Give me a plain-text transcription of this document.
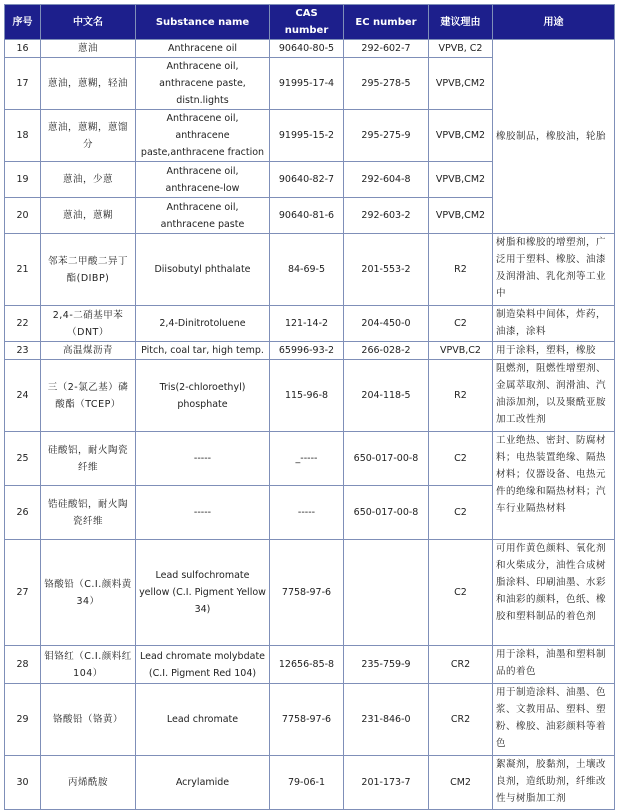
序号	中文名	Substance name	CAS number	EC number	建议理由	用途
16	蒽油	Anthracene oil	90640-80-5	292-602-7	VPVB, C2	橡胶制品，橡胶油，轮胎
17	蒽油，蒽糊，轻油	Anthracene oil, anthracene paste, distn.lights	91995-17-4	295-278-5	VPVB,CM2	
18	蒽油，蒽糊，蒽馏分	Anthracene oil, anthracene paste,anthracene fraction	91995-15-2	295-275-9	VPVB,CM2	
19	蒽油，少蒽	Anthracene oil, anthracene-low	90640-82-7	292-604-8	VPVB,CM2	
20	蒽油，蒽糊	Anthracene oil, anthracene paste	90640-81-6	292-603-2	VPVB,CM2	
21	邻苯二甲酸二异丁酯(DIBP)	Diisobutyl phthalate	84-69-5	201-553-2	R2	树脂和橡胶的增塑剂，广泛用于塑料、橡胶、油漆及润滑油、乳化剂等工业中
22	2,4-二硝基甲苯（DNT）	2,4-Dinitrotoluene	121-14-2	204-450-0	C2	制造染料中间体，炸药，油漆，涂料
23	高温煤沥青	Pitch, coal tar, high temp.	65996-93-2	266-028-2	VPVB,C2	用于涂料，塑料，橡胶
24	三（2-氯乙基）磷酸酯（TCEP）	Tris(2-chloroethyl) phosphate	115-96-8	204-118-5	R2	阻燃剂，阻燃性增塑剂、金属萃取剂、润滑油、汽油添加剂，以及聚酰亚胺加工改性剂
25	硅酸铝，耐火陶瓷纤维	-----	_-----	650-017-00-8	C2	工业绝热、密封、防腐材料；电热装置绝缘、隔热材料；仪器设备、电热元件的绝缘和隔热材料；汽车行业隔热材料
26	锆硅酸铝，耐火陶瓷纤维	-----	-----	650-017-00-8	C2	
27	铬酸铅（C.I.颜料黄 34）	Lead sulfochromate yellow (C.I. Pigment Yellow 34)	7758-97-6		C2	可用作黄色颜料、氧化剂和火柴成分，油性合成树脂涂料、印刷油墨、水彩和油彩的颜料，色纸、橡胶和塑料制品的着色剂
28	钼铬红（C.I.颜料红 104）	Lead chromate molybdate (C.I. Pigment Red 104)	12656-85-8	235-759-9	CR2	用于涂料，油墨和塑料制品的着色
29	铬酸铅（铬黄）	Lead chromate	7758-97-6	231-846-0	CR2	用于制造涂料、油墨、色浆、文教用品、塑料、塑粉、橡胶、油彩颜料等着色
30	丙烯酰胺	Acrylamide	79-06-1	201-173-7	CM2	絮凝剂，胶黏剂，土壤改良剂，造纸助剂，纤维改性与树脂加工剂
